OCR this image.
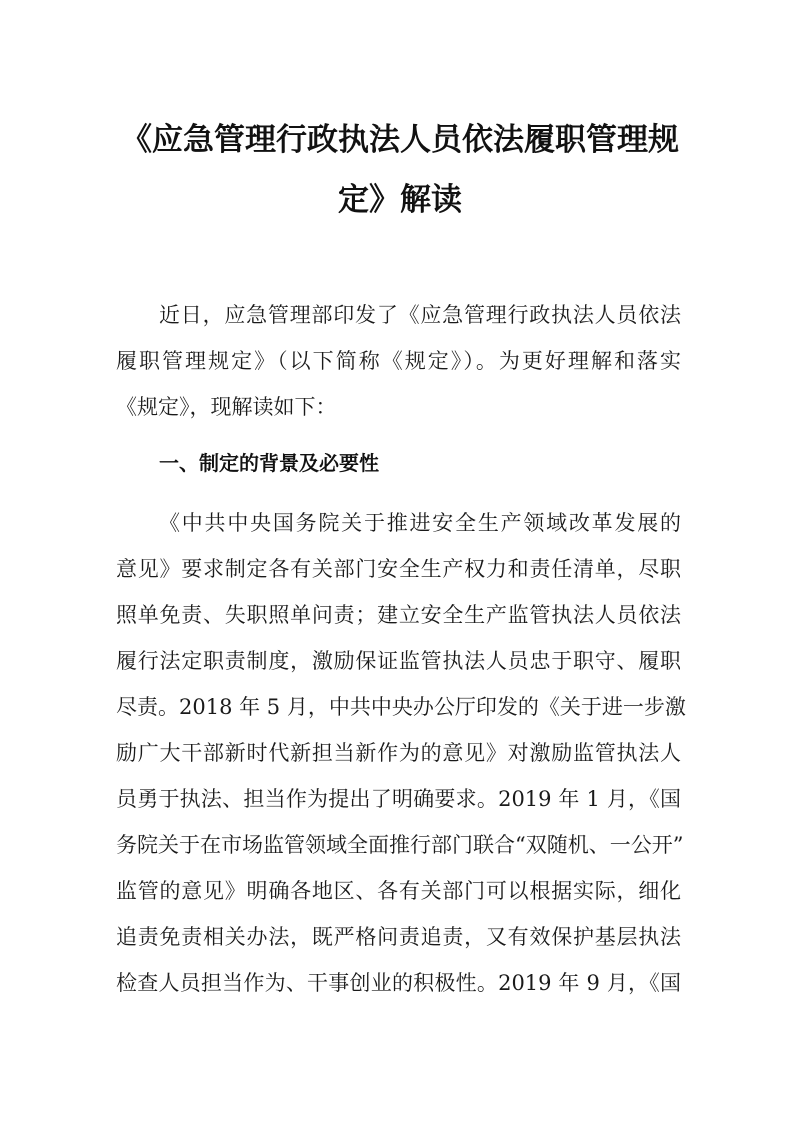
《应急管理行政执法人员依法履职管理规
定》解读
近日，应急管理部印发了《应急管理行政执法人员依法
履职管理规定》（以下简称《规定》）。为更好理解和落实
《规定》，现解读如下：
一、制定的背景及必要性
《中共中央国务院关于推进安全生产领域改革发展的
意见》要求制定各有关部门安全生产权力和责任清单，尽职
照单免责、失职照单问责；建立安全生产监管执法人员依法
履行法定职责制度，激励保证监管执法人员忠于职守、履职
尽责。2018 年 5 月，中共中央办公厅印发的《关于进一步激
励广大干部新时代新担当新作为的意见》对激励监管执法人
员勇于执法、担当作为提出了明确要求。2019 年 1 月，《国
务院关于在市场监管领域全面推行部门联合“双随机、一公开”
监管的意见》明确各地区、各有关部门可以根据实际，细化
追责免责相关办法，既严格问责追责，又有效保护基层执法
检查人员担当作为、干事创业的积极性。2019 年 9 月，《国
